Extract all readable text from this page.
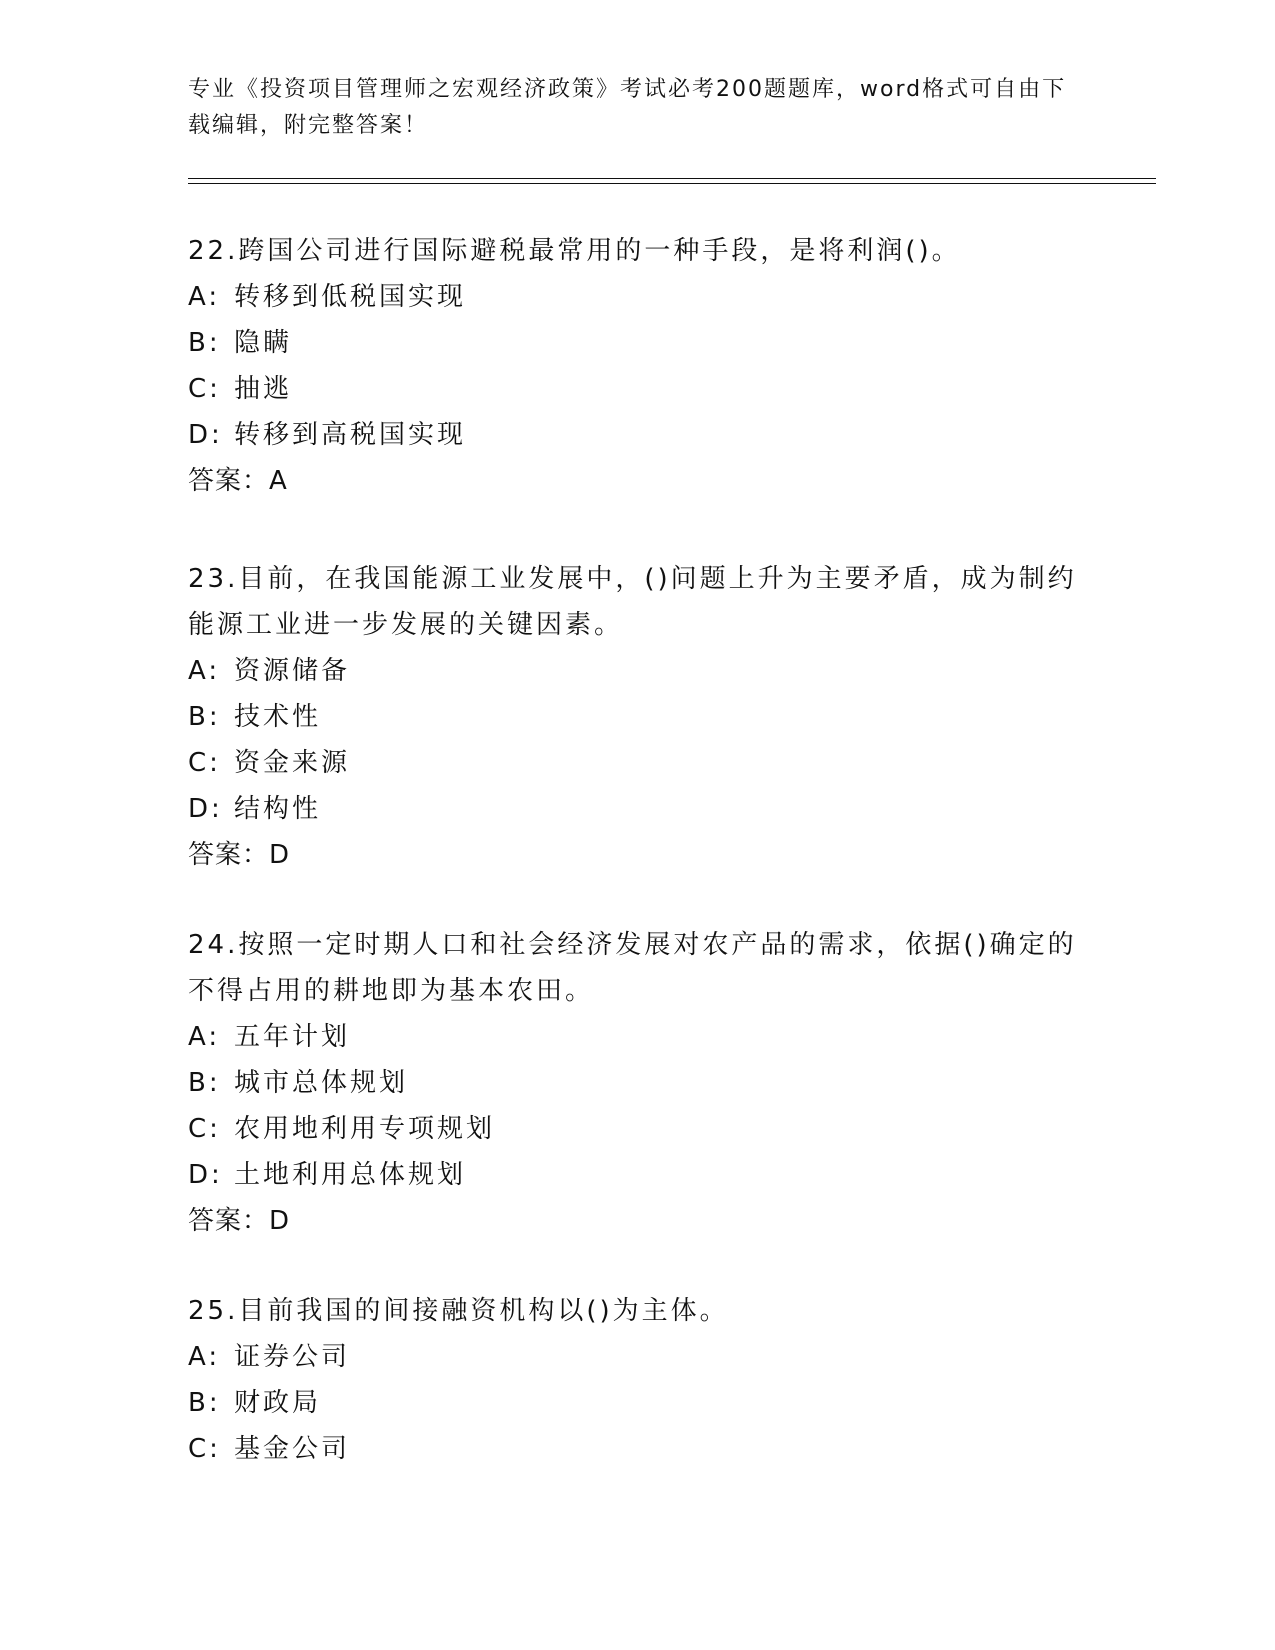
专业《投资项目管理师之宏观经济政策》考试必考200题题库，word格式可自由下载编辑，附完整答案！
22.跨国公司进行国际避税最常用的一种手段，是将利润()。
A: 转移到低税国实现
B: 隐瞒
C: 抽逃
D: 转移到高税国实现
答案：A
23.目前，在我国能源工业发展中，()问题上升为主要矛盾，成为制约能源工业进一步发展的关键因素。
A: 资源储备
B: 技术性
C: 资金来源
D: 结构性
答案：D
24.按照一定时期人口和社会经济发展对农产品的需求，依据()确定的不得占用的耕地即为基本农田。
A: 五年计划
B: 城市总体规划
C: 农用地利用专项规划
D: 土地利用总体规划
答案：D
25.目前我国的间接融资机构以()为主体。
A: 证券公司
B: 财政局
C: 基金公司
